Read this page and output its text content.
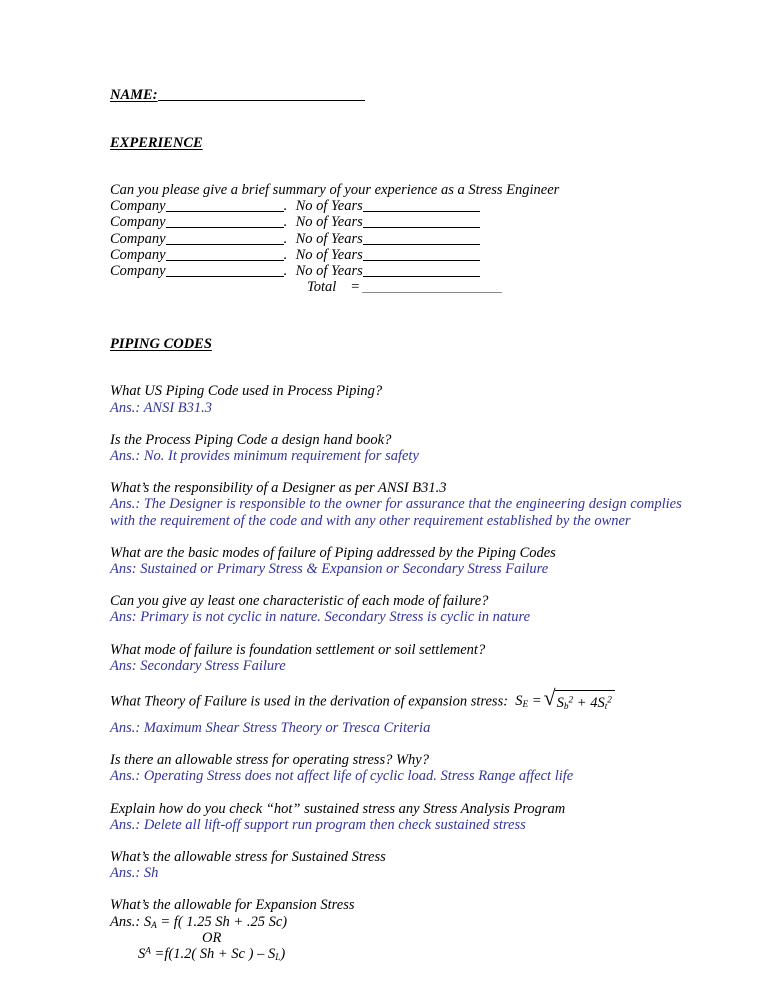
NAME:
EXPERIENCE

Can you please give a brief summary of your experience as a Stress Engineer

Company	. No of Years
Company	. No of Years
Company	. No of Years
Company	. No of Years
Company	. No of Years
Total =
PIPING CODES

What US Piping Code used in Process Piping?

Ans.: ANSI B31.3

Is the Process Piping Code a design hand book?

Ans.: No. It provides minimum requirement for safety

What’s the responsibility of a Designer as per ANSI B31.3

Ans.: The Designer is responsible to the owner for assurance that the engineering design complies with the requirement of the code and with any other requirement established by the owner

What are the basic modes of failure of Piping addressed by the Piping Codes

Ans: Sustained or Primary Stress & Expansion or Secondary Stress Failure

Can you give ay least one characteristic of each mode of failure?

Ans: Primary is not cyclic in nature. Secondary Stress is cyclic in nature

What mode of failure is foundation settlement or soil settlement?

Ans: Secondary Stress Failure

What Theory of Failure is used in the derivation of expansion stress: $S_E$ = √ $S_b^2 + 4S_t^2$

Ans.: Maximum Shear Stress Theory or Tresca Criteria

Is there an allowable stress for operating stress? Why?

Ans.: Operating Stress does not affect life of cyclic load. Stress Range affect life

Explain how do you check “hot” sustained stress any Stress Analysis Program

Ans.: Delete all lift-off support run program then check sustained stress

What’s the allowable stress for Sustained Stress

Ans.: Sh

What’s the allowable for Expansion Stress

Ans.: $S_A = f$( 1.25 Sh + .25 Sc)

OR

$S^A =f(1.2$( Sh + Sc ) – $S_L$)
